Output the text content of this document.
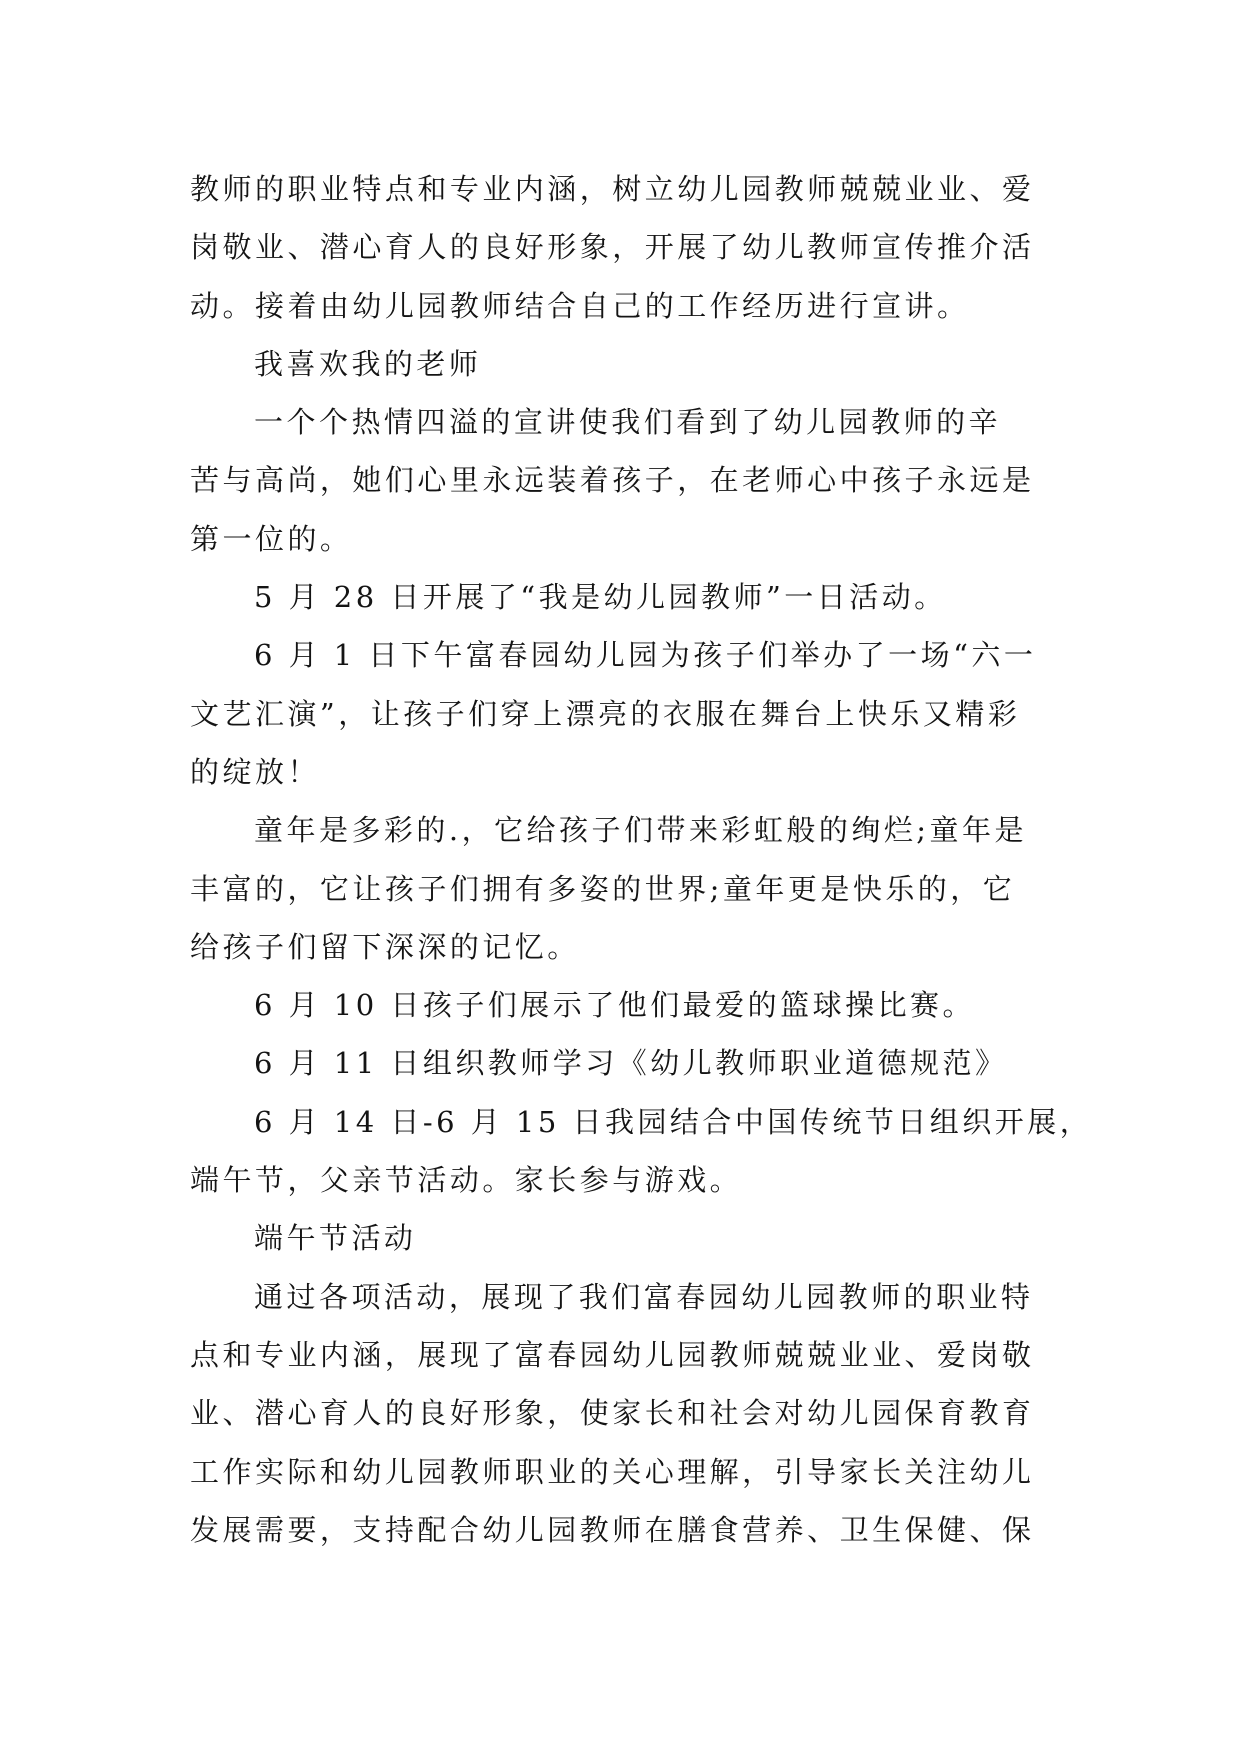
教师的职业特点和专业内涵，树立幼儿园教师兢兢业业、爱
岗敬业、潜心育人的良好形象，开展了幼儿教师宣传推介活
动。接着由幼儿园教师结合自己的工作经历进行宣讲。
我喜欢我的老师
一个个热情四溢的宣讲使我们看到了幼儿园教师的辛
苦与高尚，她们心里永远装着孩子，在老师心中孩子永远是
第一位的。
5 月 28 日开展了“我是幼儿园教师”一日活动。
6 月 1 日下午富春园幼儿园为孩子们举办了一场“六一
文艺汇演”，让孩子们穿上漂亮的衣服在舞台上快乐又精彩
的绽放！
童年是多彩的.，它给孩子们带来彩虹般的绚烂;童年是
丰富的，它让孩子们拥有多姿的世界;童年更是快乐的，它
给孩子们留下深深的记忆。
6 月 10 日孩子们展示了他们最爱的篮球操比赛。
6 月 11 日组织教师学习《幼儿教师职业道德规范》
6 月 14 日-6 月 15 日我园结合中国传统节日组织开展，
端午节，父亲节活动。家长参与游戏。
端午节活动
通过各项活动，展现了我们富春园幼儿园教师的职业特
点和专业内涵，展现了富春园幼儿园教师兢兢业业、爱岗敬
业、潜心育人的良好形象，使家长和社会对幼儿园保育教育
工作实际和幼儿园教师职业的关心理解，引导家长关注幼儿
发展需要，支持配合幼儿园教师在膳食营养、卫生保健、保
